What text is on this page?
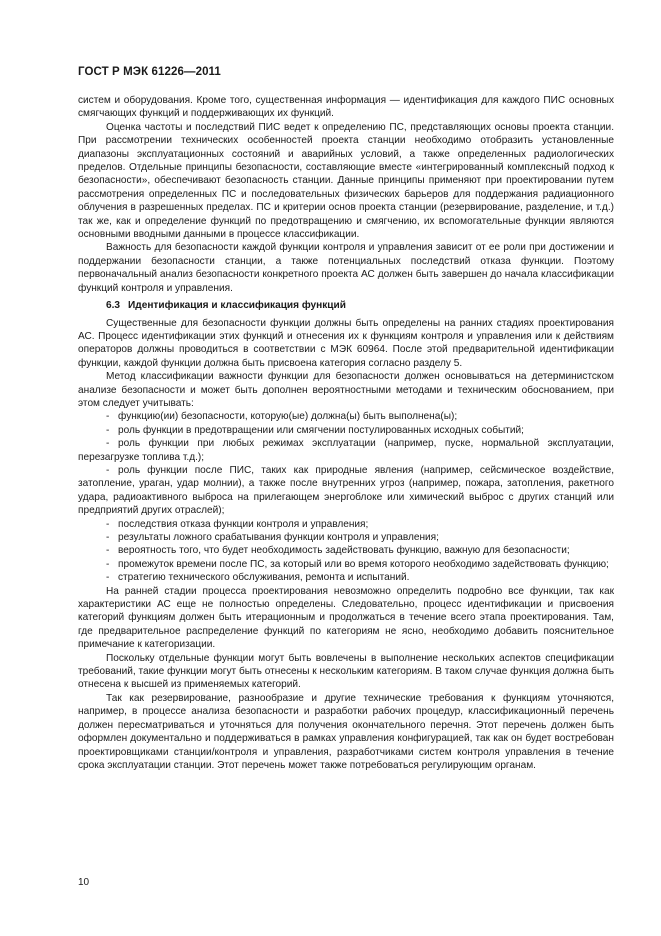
ГОСТ Р МЭК 61226—2011

систем и оборудования. Кроме того, существенная информация — идентификация для каждого ПИС основных смягчающих функций и поддерживающих их функций.

Оценка частоты и последствий ПИС ведет к определению ПС, представляющих основы проекта станции. При рассмотрении технических особенностей проекта станции необходимо отобразить установленные диапазоны эксплуатационных состояний и аварийных условий, а также определенных радиологических пределов. Отдельные принципы безопасности, составляющие вместе «интегрированный комплексный подход к безопасности», обеспечивают безопасность станции. Данные принципы применяют при проектировании путем рассмотрения определенных ПС и последовательных физических барьеров для поддержания радиационного облучения в разрешенных пределах. ПС и критерии основ проекта станции (резервирование, разделение, и т.д.) так же, как и определение функций по предотвращению и смягчению, их вспомогательные функции являются основными вводными данными в процессе классификации.

Важность для безопасности каждой функции контроля и управления зависит от ее роли при достижении и поддержании безопасности станции, а также потенциальных последствий отказа функции. Поэтому первоначальный анализ безопасности конкретного проекта АС должен быть завершен до начала классификации функций контроля и управления.

6.3 Идентификация и классификация функций

Существенные для безопасности функции должны быть определены на ранних стадиях проектирования АС. Процесс идентификации этих функций и отнесения их к функциям контроля и управления или к действиям операторов должны проводиться в соответствии с МЭК 60964. После этой предварительной идентификации функции, каждой функции должна быть присвоена категория согласно разделу 5.

Метод классификации важности функции для безопасности должен основываться на детерминистском анализе безопасности и может быть дополнен вероятностными методами и техническим обоснованием, при этом следует учитывать:

- функцию(ии) безопасности, которую(ые) должна(ы) быть выполнена(ы);

- роль функции в предотвращении или смягчении постулированных исходных событий;

- роль функции при любых режимах эксплуатации (например, пуске, нормальной эксплуатации, перезагрузке топлива т.д.);

- роль функции после ПИС, таких как природные явления (например, сейсмическое воздействие, затопление, ураган, удар молнии), а также после внутренних угроз (например, пожара, затопления, ракетного удара, радиоактивного выброса на прилегающем энергоблоке или химический выброс с других станций или предприятий других отраслей);

- последствия отказа функции контроля и управления;

- результаты ложного срабатывания функции контроля и управления;

- вероятность того, что будет необходимость задействовать функцию, важную для безопасности;

- промежуток времени после ПС, за который или во время которого необходимо задействовать функцию;

- стратегию технического обслуживания, ремонта и испытаний.

На ранней стадии процесса проектирования невозможно определить подробно все функции, так как характеристики АС еще не полностью определены. Следовательно, процесс идентификации и присвоения категорий функциям должен быть итерационным и продолжаться в течение всего этапа проектирования. Там, где предварительное распределение функций по категориям не ясно, необходимо добавить пояснительное примечание к категоризации.

Поскольку отдельные функции могут быть вовлечены в выполнение нескольких аспектов спецификации требований, такие функции могут быть отнесены к нескольким категориям. В таком случае функция должна быть отнесена к высшей из применяемых категорий.

Так как резервирование, разнообразие и другие технические требования к функциям уточняются, например, в процессе анализа безопасности и разработки рабочих процедур, классификационный перечень должен пересматриваться и уточняться для получения окончательного перечня. Этот перечень должен быть оформлен документально и поддерживаться в рамках управления конфигурацией, так как он будет востребован проектировщиками станции/контроля и управления, разработчиками систем контроля управления в течение срока эксплуатации станции. Этот перечень может также потребоваться регулирующим органам.

10
